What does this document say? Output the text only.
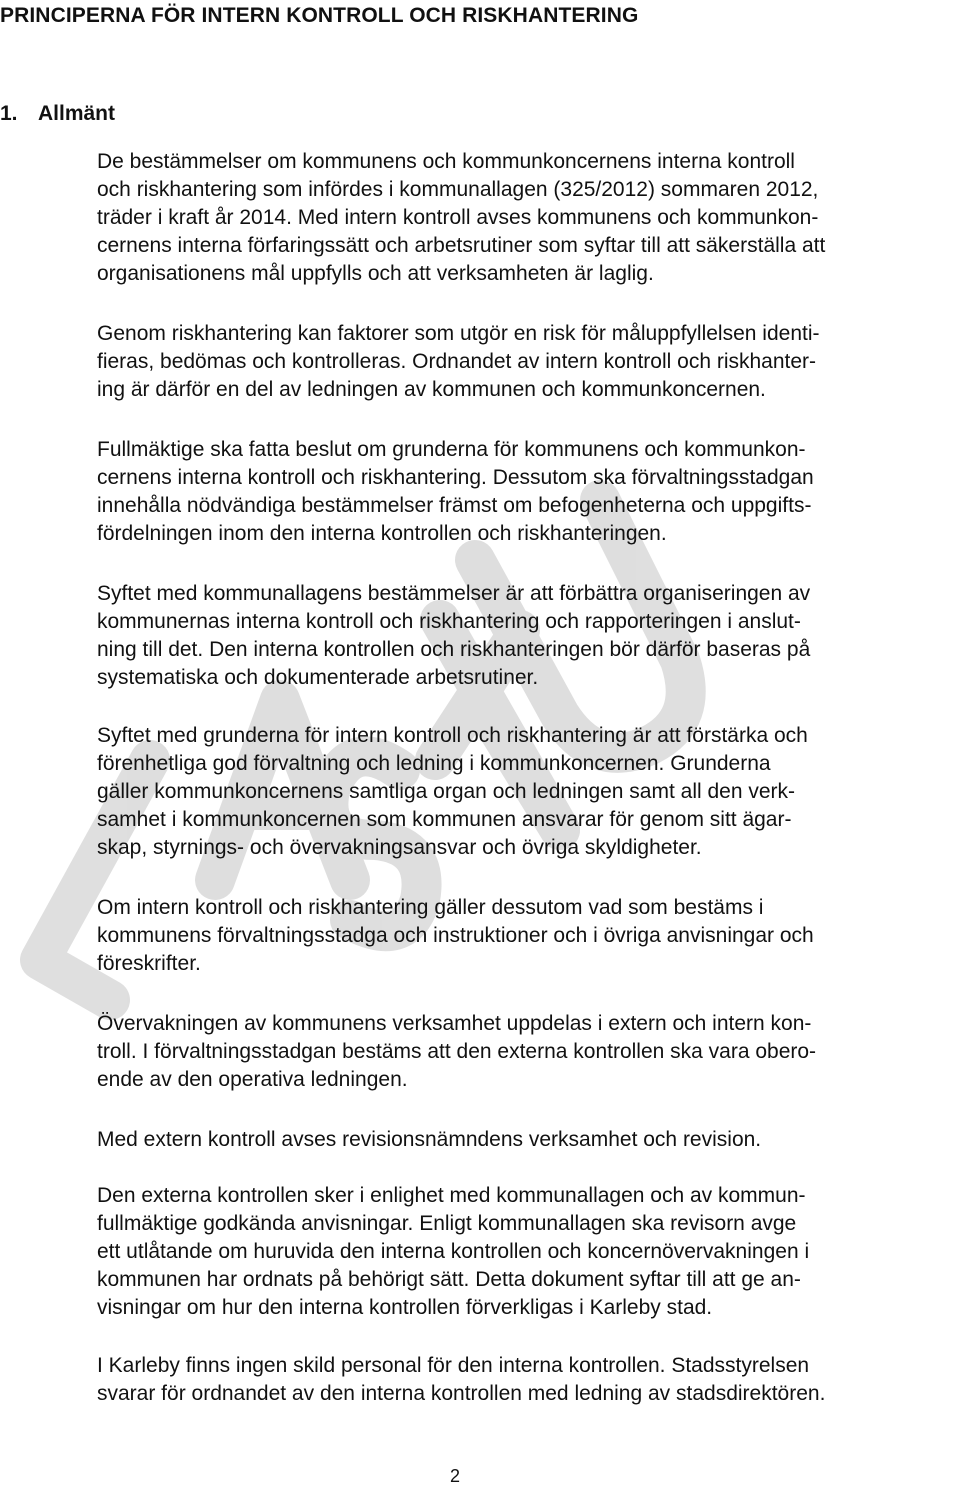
PRINCIPERNA FÖR INTERN KONTROLL OCH RISKHANTERING
1. Allmänt

De bestämmelser om kommunens och kommunkoncernens interna kontroll
och riskhantering som infördes i kommunallagen (325/2012) sommaren 2012,
träder i kraft år 2014. Med intern kontroll avses kommunens och kommunkon-
cernens interna förfaringssätt och arbetsrutiner som syftar till att säkerställa att
organisationens mål uppfylls och att verksamheten är laglig.

Genom riskhantering kan faktorer som utgör en risk för måluppfyllelsen identi-
fieras, bedömas och kontrolleras. Ordnandet av intern kontroll och riskhanter-
ing är därför en del av ledningen av kommunen och kommunkoncernen.

Fullmäktige ska fatta beslut om grunderna för kommunens och kommunkon-
cernens interna kontroll och riskhantering. Dessutom ska förvaltningsstadgan
innehålla nödvändiga bestämmelser främst om befogenheterna och uppgifts-
fördelningen inom den interna kontrollen och riskhanteringen.

Syftet med kommunallagens bestämmelser är att förbättra organiseringen av
kommunernas interna kontroll och riskhantering och rapporteringen i anslut-
ning till det. Den interna kontrollen och riskhanteringen bör därför baseras på
systematiska och dokumenterade arbetsrutiner.

Syftet med grunderna för intern kontroll och riskhantering är att förstärka och
förenhetliga god förvaltning och ledning i kommunkoncernen. Grunderna
gäller kommunkoncernens samtliga organ och ledningen samt all den verk-
samhet i kommunkoncernen som kommunen ansvarar för genom sitt ägar-
skap, styrnings- och övervakningsansvar och övriga skyldigheter.

Om intern kontroll och riskhantering gäller dessutom vad som bestäms i
kommunens förvaltningsstadga och instruktioner och i övriga anvisningar och
föreskrifter.

Övervakningen av kommunens verksamhet uppdelas i extern och intern kon-
troll. I förvaltningsstadgan bestäms att den externa kontrollen ska vara obero-
ende av den operativa ledningen.

Med extern kontroll avses revisionsnämndens verksamhet och revision.

Den externa kontrollen sker i enlighet med kommunallagen och av kommun-
fullmäktige godkända anvisningar. Enligt kommunallagen ska revisorn avge
ett utlåtande om huruvida den interna kontrollen och koncernövervakningen i
kommunen har ordnats på behörigt sätt. Detta dokument syftar till att ge an-
visningar om hur den interna kontrollen förverkligas i Karleby stad.

I Karleby finns ingen skild personal för den interna kontrollen. Stadsstyrelsen
svarar för ordnandet av den interna kontrollen med ledning av stadsdirektören.

2
